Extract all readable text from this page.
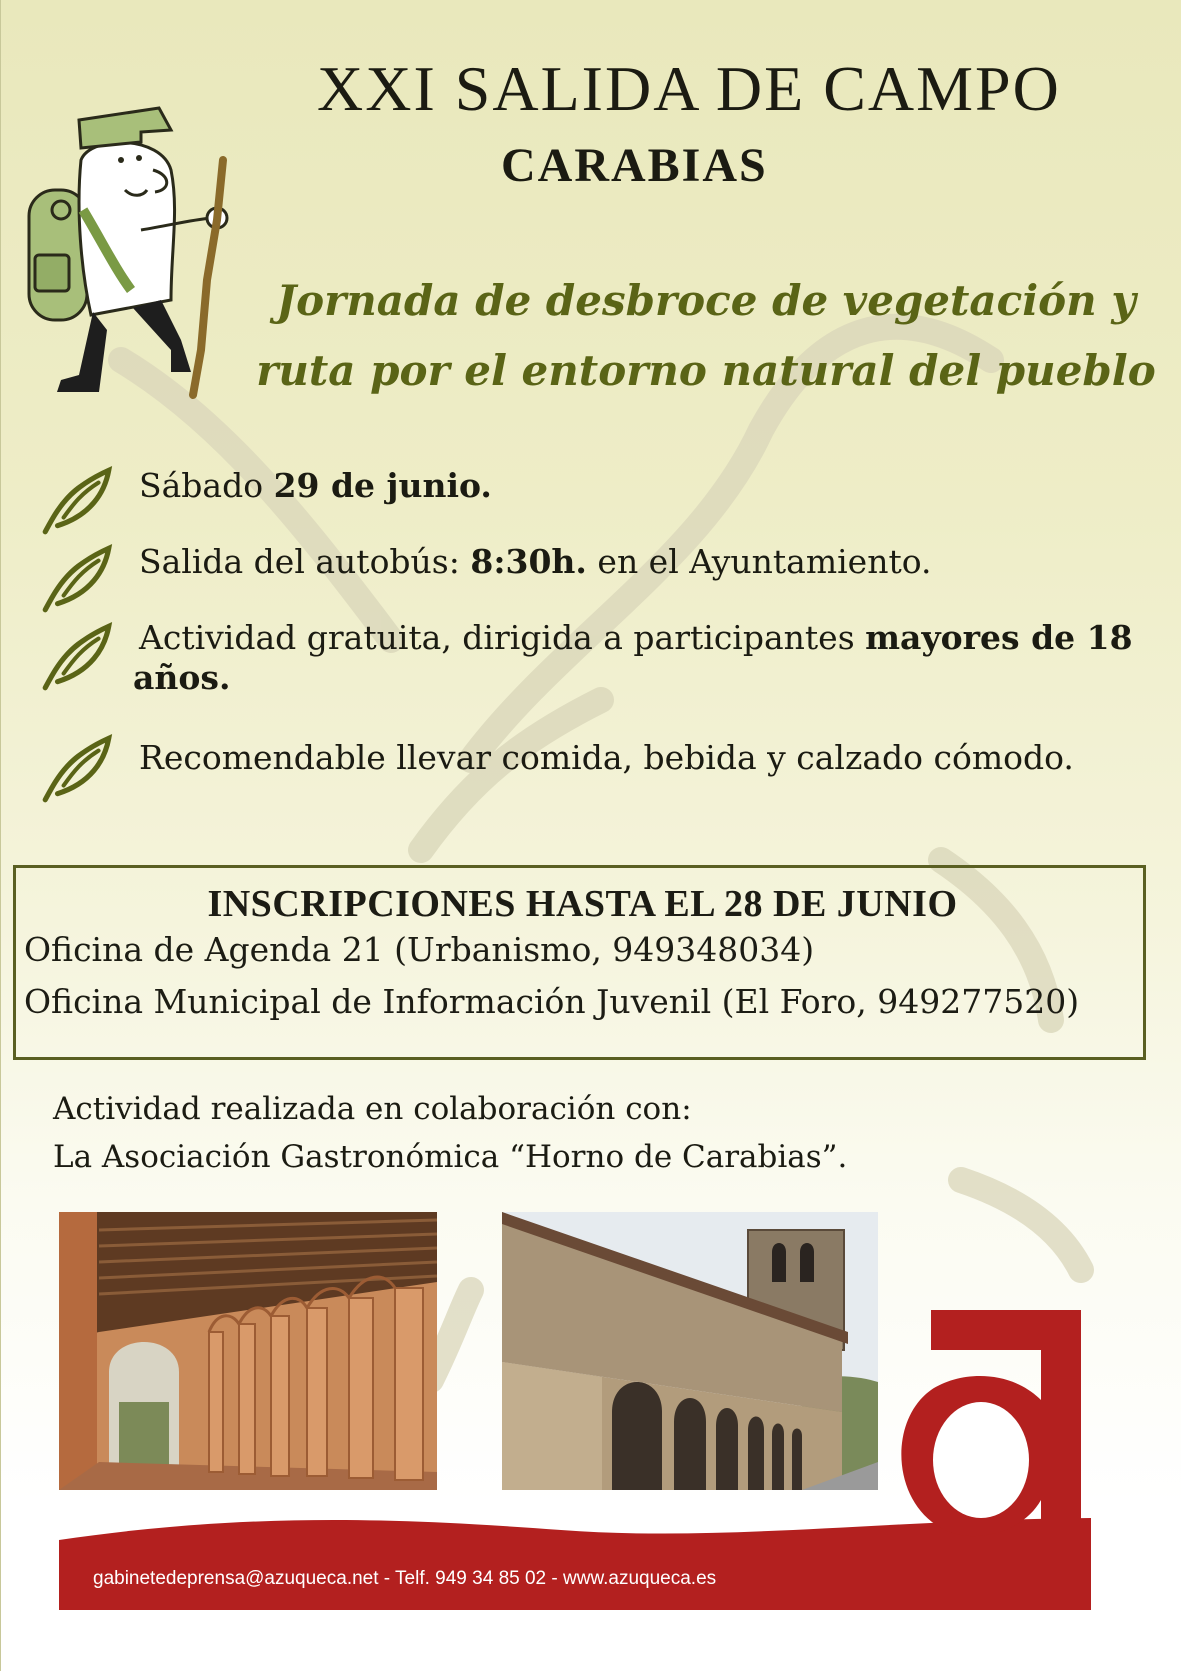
XXI SALIDA DE CAMPO
CARABIAS
Jornada de desbroce de vegetación y
ruta por el entorno natural del pueblo
Sábado 29 de junio.
Salida del autobús: 8:30h. en el Ayuntamiento.
Actividad gratuita, dirigida a participantes mayores de 18
años.
Recomendable llevar comida, bebida y calzado cómodo.
INSCRIPCIONES HASTA EL 28 DE JUNIO
Oficina de Agenda 21 (Urbanismo, 949348034)
Oficina Municipal de Información Juvenil (El Foro, 949277520)
Actividad realizada en colaboración con:
La Asociación Gastronómica “Horno de Carabias”.
gabinetedeprensa@azuqueca.net - Telf. 949 34 85 02 - www.azuqueca.es
